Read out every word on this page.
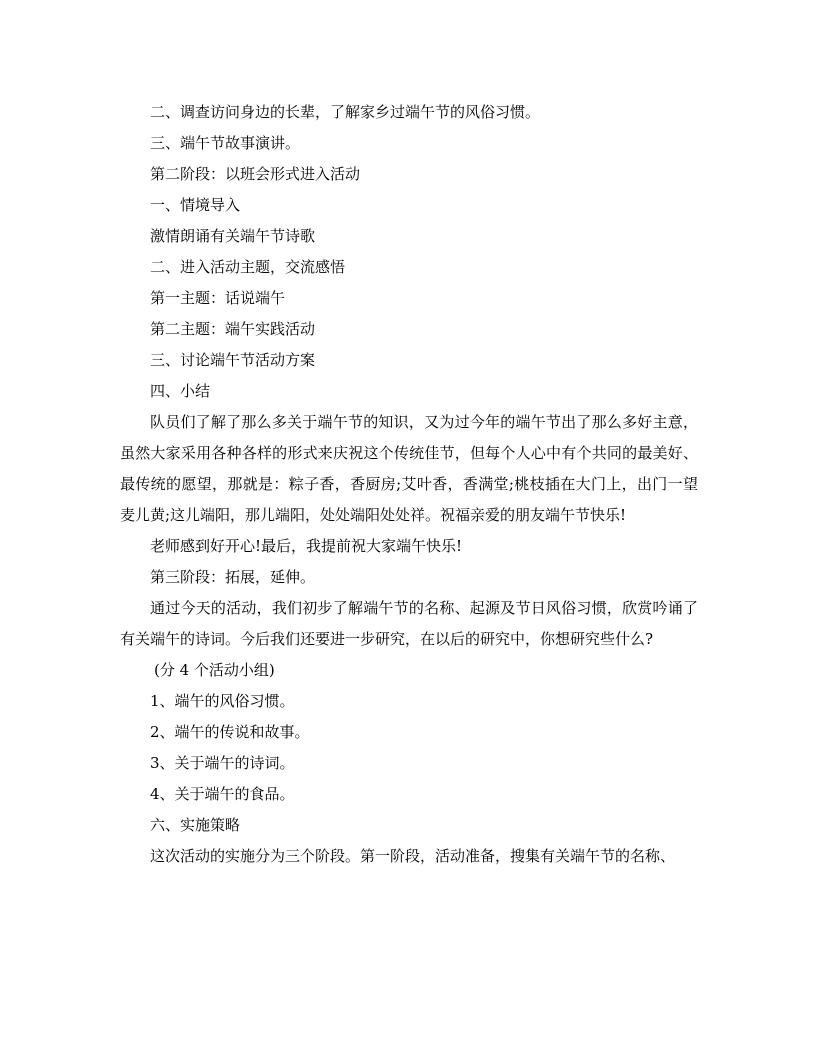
二、调查访问身边的长辈，了解家乡过端午节的风俗习惯。

三、端午节故事演讲。

第二阶段：以班会形式进入活动

一、情境导入

激情朗诵有关端午节诗歌

二、进入活动主题，交流感悟

第一主题：话说端午

第二主题：端午实践活动

三、讨论端午节活动方案

四、小结

队员们了解了那么多关于端午节的知识，又为过今年的端午节出了那么多好主意，虽然大家采用各种各样的形式来庆祝这个传统佳节，但每个人心中有个共同的最美好、最传统的愿望，那就是：粽子香，香厨房;艾叶香，香满堂;桃枝插在大门上，出门一望麦儿黄;这儿端阳，那儿端阳，处处端阳处处祥。祝福亲爱的朋友端午节快乐!

老师感到好开心!最后，我提前祝大家端午快乐!

第三阶段：拓展，延伸。

通过今天的活动，我们初步了解端午节的名称、起源及节日风俗习惯，欣赏吟诵了有关端午的诗词。今后我们还要进一步研究，在以后的研究中，你想研究些什么?

(分 4 个活动小组)

1、端午的风俗习惯。

2、端午的传说和故事。

3、关于端午的诗词。

4、关于端午的食品。

六、实施策略

这次活动的实施分为三个阶段。第一阶段，活动准备，搜集有关端午节的名称、
